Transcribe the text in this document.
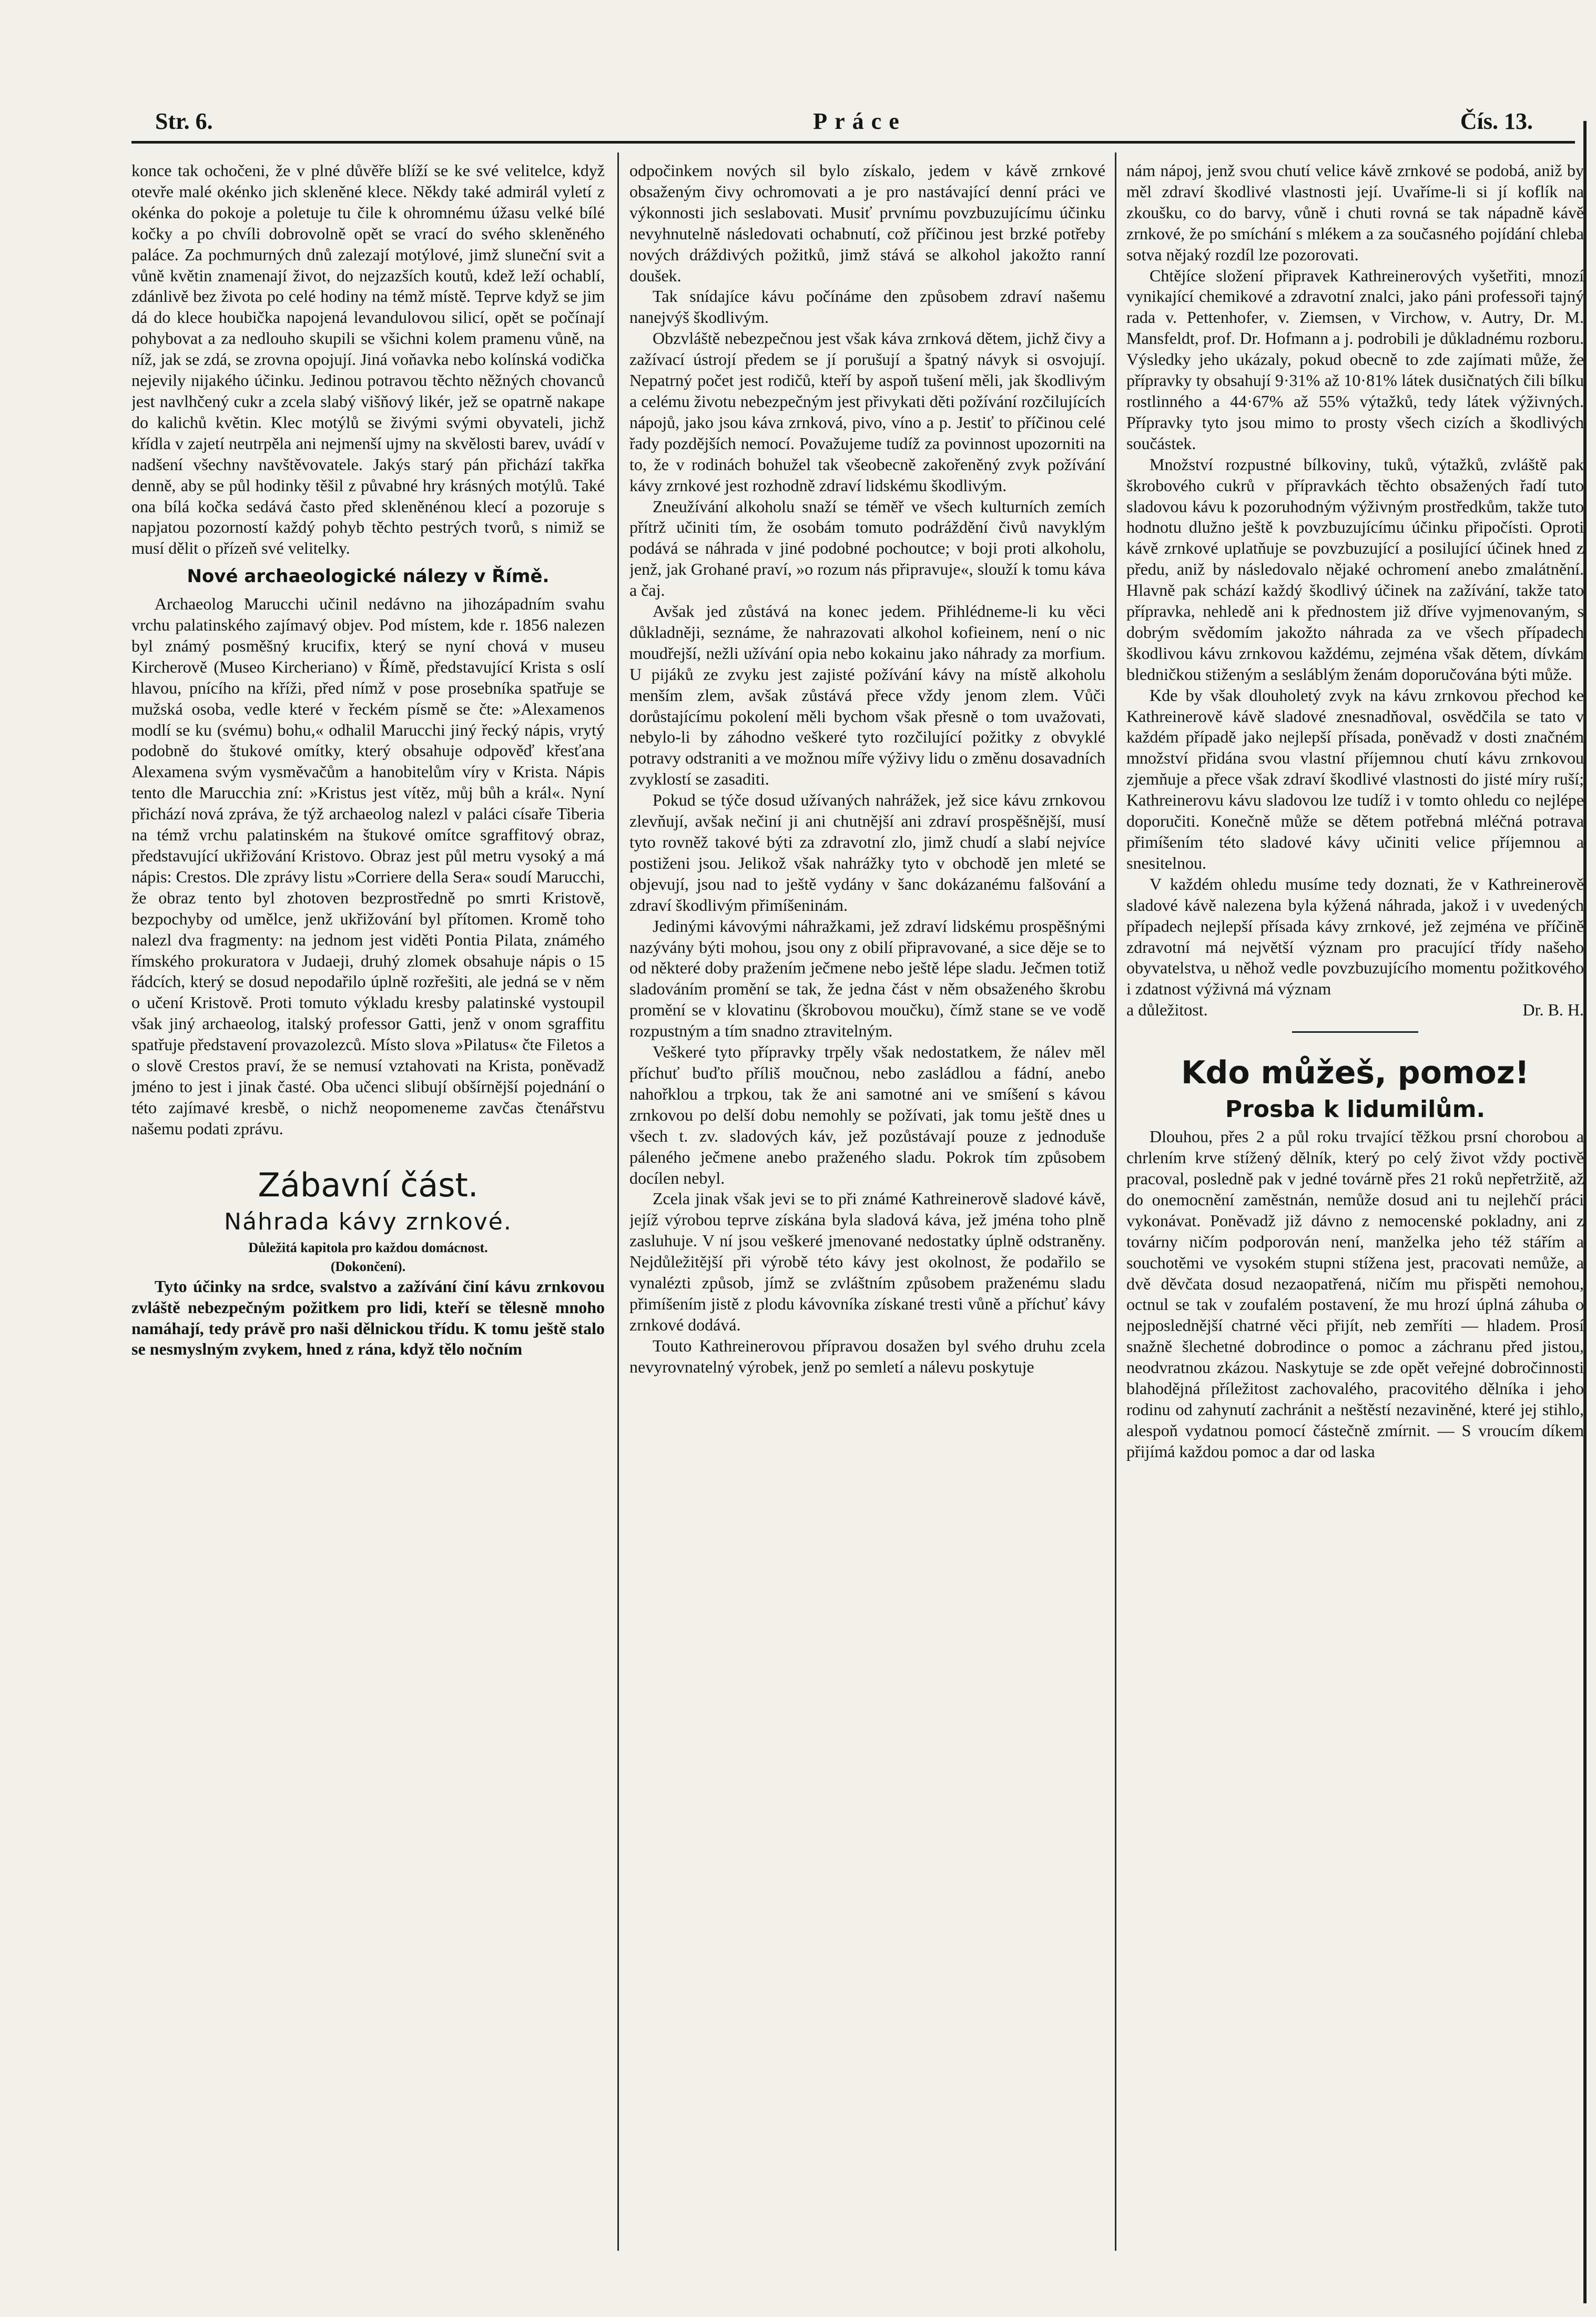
Str. 6.	Práce	Čís. 13.

konce tak ochočeni, že v plné důvěře blíží se ke své velitelce, když otevře malé okénko jich skleněné klece. Někdy také admirál vyletí z okénka do pokoje a poletuje tu čile k ohromnému úžasu velké bílé kočky a po chvíli dobrovolně opět se vrací do svého skleněného paláce. Za pochmurných dnů zalezají motýlové, jimž sluneční svit a vůně květin znamenají život, do nejzazších koutů, kdež leží ochablí, zdánlivě bez života po celé hodiny na témž místě. Teprve když se jim dá do klece houbička napojená levandulovou silicí, opět se počínají pohybovat a za nedlouho skupili se všichni kolem pramenu vůně, na níž, jak se zdá, se zrovna opojují. Jiná voňavka nebo kolínská vodička nejevily nijakého účinku. Jedinou potravou těchto něžných chovanců jest navlhčený cukr a zcela slabý višňový likér, jež se opatrně nakape do kalichů květin. Klec motýlů se živými svými obyvateli, jichž křídla v zajetí neutrpěla ani nejmenší ujmy na skvělosti barev, uvádí v nadšení všechny navštěvovatele. Jakýs starý pán přichází takřka denně, aby se půl hodinky těšil z půvabné hry krásných motýlů. Také ona bílá kočka sedává často před skleněnénou klecí a pozoruje s napjatou pozorností každý pohyb těchto pestrých tvorů, s nimiž se musí dělit o přízeň své velitelky.

Nové archaeologické nálezy v Římě.

Archaeolog Marucchi učinil nedávno na jihozápadním svahu vrchu palatinského zajímavý objev. Pod místem, kde r. 1856 nalezen byl známý posměšný krucifix, který se nyní chová v museu Kircherově (Museo Kircheriano) v Římě, představující Krista s oslí hlavou, pnícího na kříži, před nímž v pose prosebníka spatřuje se mužská osoba, vedle které v řeckém písmě se čte: »Alexamenos modlí se ku (svému) bohu,« odhalil Marucchi jiný řecký nápis, vrytý podobně do štukové omítky, který obsahuje odpověď křesťana Alexamena svým vysměvačům a hanobitelům víry v Krista. Nápis tento dle Marucchia zní: »Kristus jest vítěz, můj bůh a král«. Nyní přichází nová zpráva, že týž archaeolog nalezl v paláci císaře Tiberia na témž vrchu palatinském na štukové omítce sgraffitový obraz, představující ukřižování Kristovo. Obraz jest půl metru vysoký a má nápis: Crestos. Dle zprávy listu »Corriere della Sera« soudí Marucchi, že obraz tento byl zhotoven bezprostředně po smrti Kristově, bezpochyby od umělce, jenž ukřižování byl přítomen. Kromě toho nalezl dva fragmenty: na jednom jest viděti Pontia Pilata, známého římského prokuratora v Judaeji, druhý zlomek obsahuje nápis o 15 řádcích, který se dosud nepodařilo úplně rozřešiti, ale jedná se v něm o učení Kristově. Proti tomuto výkladu kresby palatinské vystoupil však jiný archaeolog, italský professor Gatti, jenž v onom sgraffitu spatřuje představení provazolezců. Místo slova »Pilatus« čte Filetos a o slově Crestos praví, že se nemusí vztahovati na Krista, poněvadž jméno to jest i jinak časté. Oba učenci slibují obšírnější pojednání o této zajímavé kresbě, o nichž neopomeneme zavčas čtenářstvu našemu podati zprávu.

Zábavní část.
Náhrada kávy zrnkové.
Důležitá kapitola pro každou domácnost.
(Dokončení).

Tyto účinky na srdce, svalstvo a zažívání činí kávu zrnkovou zvláště nebezpečným požitkem pro lidi, kteří se tělesně mnoho namáhají, tedy právě pro naši dělnickou třídu. K tomu ještě stalo se nesmyslným zvykem, hned z rána, když tělo nočním

odpočinkem nových sil bylo získalo, jedem v kávě zrnkové obsaženým čivy ochromovati a je pro nastávající denní práci ve výkonnosti jich seslabovati. Musiť prvnímu povzbuzujícímu účinku nevyhnutelně následovati ochabnutí, což příčinou jest brzké potřeby nových dráždivých požitků, jimž stává se alkohol jakožto ranní doušek.

Tak snídajíce kávu počínáme den způsobem zdraví našemu nanejvýš škodlivým.

Obzvláště nebezpečnou jest však káva zrnková dětem, jichž čivy a zažívací ústrojí předem se jí porušují a špatný návyk si osvojují. Nepatrný počet jest rodičů, kteří by aspoň tušení měli, jak škodlivým a celému životu nebezpečným jest přivykati děti požívání rozčilujících nápojů, jako jsou káva zrnková, pivo, víno a p. Jestiť to příčinou celé řady pozdějších nemocí. Považujeme tudíž za povinnost upozorniti na to, že v rodinách bohužel tak všeobecně zakořeněný zvyk požívání kávy zrnkové jest rozhodně zdraví lidskému škodlivým.

Zneužívání alkoholu snaží se téměř ve všech kulturních zemích přítrž učiniti tím, že osobám tomuto podráždění čivů navyklým podává se náhrada v jiné podobné pochoutce; v boji proti alkoholu, jenž, jak Grohané praví, »o rozum nás připravuje«, slouží k tomu káva a čaj.

Avšak jed zůstává na konec jedem. Přihlédneme-li ku věci důkladněji, seznáme, že nahrazovati alkohol kofieinem, není o nic moudřejší, nežli užívání opia nebo kokainu jako náhrady za morfium. U pijáků ze zvyku jest zajisté požívání kávy na místě alkoholu menším zlem, avšak zůstává přece vždy jenom zlem. Vůči dorůstajícímu pokolení měli bychom však přesně o tom uvažovati, nebylo-li by záhodno veškeré tyto rozčilující požitky z obvyklé potravy odstraniti a ve možnou míře výživy lidu o změnu dosavadních zvyklostí se zasaditi.

Pokud se týče dosud užívaných nahrážek, jež sice kávu zrnkovou zlevňují, avšak nečiní ji ani chutnější ani zdraví prospěšnější, musí tyto rovněž takové býti za zdravotní zlo, jimž chudí a slabí nejvíce postiženi jsou. Jelikož však nahrážky tyto v obchodě jen mleté se objevují, jsou nad to ještě vydány v šanc dokázanému falšování a zdraví škodlivým přimíšeninám.

Jedinými kávovými náhražkami, jež zdraví lidskému prospěšnými nazývány býti mohou, jsou ony z obilí připravované, a sice děje se to od některé doby pražením ječmene nebo ještě lépe sladu. Ječmen totiž sladováním promění se tak, že jedna část v něm obsaženého škrobu promění se v klovatinu (škrobovou moučku), čímž stane se ve vodě rozpustným a tím snadno ztravitelným.

Veškeré tyto přípravky trpěly však nedostatkem, že nálev měl příchuť buďto příliš moučnou, nebo zasládlou a fádní, anebo nahořklou a trpkou, tak že ani samotné ani ve smíšení s kávou zrnkovou po delší dobu nemohly se požívati, jak tomu ještě dnes u všech t. zv. sladových káv, jež pozůstávají pouze z jednoduše páleného ječmene anebo praženého sladu. Pokrok tím způsobem docílen nebyl.

Zcela jinak však jevi se to při známé Kathreinerově sladové kávě, jejíž výrobou teprve získána byla sladová káva, jež jména toho plně zasluhuje. V ní jsou veškeré jmenované nedostatky úplně odstraněny. Nejdůležitější při výrobě této kávy jest okolnost, že podařilo se vynalézti způsob, jímž se zvláštním způsobem praženému sladu přimíšením jistě z plodu kávovníka získané tresti vůně a příchuť kávy zrnkové dodává.

Touto Kathreinerovou přípravou dosažen byl svého druhu zcela nevyrovnatelný výrobek, jenž po semletí a nálevu poskytuje

nám nápoj, jenž svou chutí velice kávě zrnkové se podobá, aniž by měl zdraví škodlivé vlastnosti její. Uvaříme-li si jí koflík na zkoušku, co do barvy, vůně i chuti rovná se tak nápadně kávě zrnkové, že po smíchání s mlékem a za současného pojídání chleba sotva nějaký rozdíl lze pozorovati.

Chtějíce složení připravek Kathreinerových vyšetřiti, mnozí vynikající chemikové a zdravotní znalci, jako páni professoři tajný rada v. Pettenhofer, v. Ziemsen, v Virchow, v. Autry, Dr. M. Mansfeldt, prof. Dr. Hofmann a j. podrobili je důkladnému rozboru. Výsledky jeho ukázaly, pokud obecně to zde zajímati může, že přípravky ty obsahují 9·31% až 10·81% látek dusičnatých čili bílku rostlinného a 44·67% až 55% výtažků, tedy látek výživných. Přípravky tyto jsou mimo to prosty všech cizích a škodlivých součástek.

Množství rozpustné bílkoviny, tuků, výtažků, zvláště pak škrobového cukrů v přípravkách těchto obsažených řadí tuto sladovou kávu k pozoruhodným výživným prostředkům, takže tuto hodnotu dlužno ještě k povzbuzujícímu účinku připočísti. Oproti kávě zrnkové uplatňuje se povzbuzující a posilující účinek hned z předu, aniž by následovalo nějaké ochromení anebo zmalátnění. Hlavně pak schází každý škodlivý účinek na zažívání, takže tato přípravka, nehledě ani k přednostem již dříve vyjmenovaným, s dobrým svědomím jakožto náhrada za ve všech případech škodlivou kávu zrnkovou každému, zejména však dětem, dívkám bledničkou stiženým a sesláblým ženám doporučována býti může.

Kde by však dlouholetý zvyk na kávu zrnkovou přechod ke Kathreinerově kávě sladové znesnadňoval, osvědčila se tato v každém případě jako nejlepší přísada, poněvadž v dosti značném množství přidána svou vlastní příjemnou chutí kávu zrnkovou zjemňuje a přece však zdraví škodlivé vlastnosti do jisté míry ruší; Kathreinerovu kávu sladovou lze tudíž i v tomto ohledu co nejlépe doporučiti. Konečně může se dětem potřebná mléčná potrava přimíšením této sladové kávy učiniti velice příjemnou a snesitelnou.

V každém ohledu musíme tedy doznati, že v Kathreinerově sladové kávě nalezena byla kýžená náhrada, jakož i v uvedených případech nejlepší přísada kávy zrnkové, jež zejména ve příčině zdravotní má největší význam pro pracující třídy našeho obyvatelstva, u něhož vedle povzbuzujícího momentu požitkového i zdatnost výživná má význam

a důležitost.	Dr. B. H.
Kdo můžeš, pomoz!
Prosba k lidumilům.

Dlouhou, přes 2 a půl roku trvající těžkou prsní chorobou a chrlením krve stížený dělník, který po celý život vždy poctivě pracoval, posledně pak v jedné továrně přes 21 roků nepřetržitě, až do onemocnění zaměstnán, nemůže dosud ani tu nejlehčí práci vykonávat. Poněvadž již dávno z nemocenské pokladny, ani z továrny ničím podporován není, manželka jeho též stářím a souchotěmi ve vysokém stupni stížena jest, pracovati nemůže, a dvě děvčata dosud nezaopatřená, ničím mu přispěti nemohou, octnul se tak v zoufalém postavení, že mu hrozí úplná záhuba o nejposlednější chatrné věci přijít, neb zemříti — hladem. Prosí snažně šlechetné dobrodince o pomoc a záchranu před jistou, neodvratnou zkázou. Naskytuje se zde opět veřejné dobročinnosti blahodějná příležitost zachovalého, pracovitého dělníka i jeho rodinu od zahynutí zachránit a neštěstí nezaviněné, které jej stihlo, alespoň vydatnou pomocí částečně zmírnit. — S vroucím díkem přijímá každou pomoc a dar od laska
